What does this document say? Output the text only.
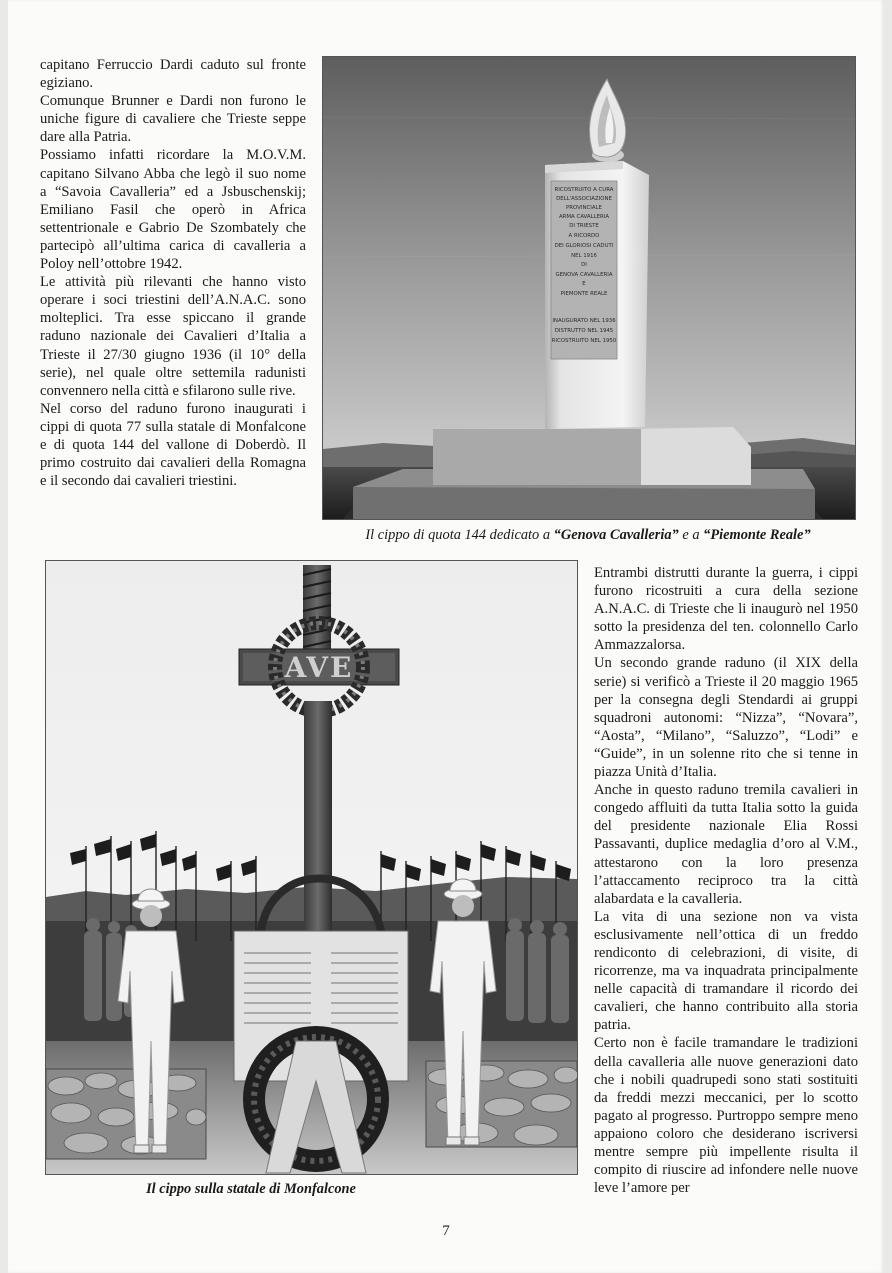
capitano Ferruccio Dardi caduto sul fronte egiziano.

Comunque Brunner e Dardi non furono le uniche figure di cavaliere che Trieste seppe dare alla Patria.

Possiamo infatti ricordare la M.O.V.M. capitano Silvano Abba che legò il suo nome a “Savoia Cavalleria” ed a Jsbuschenskij; Emiliano Fasil che operò in Africa settentrionale e Gabrio De Szombately che partecipò all’ultima carica di cavalleria a Poloy nell’ottobre 1942.

Le attività più rilevanti che hanno visto operare i soci triestini dell’A.N.A.C. sono molteplici. Tra esse spiccano il grande raduno nazionale dei Cavalieri d’Italia a Trieste il 27/30 giugno 1936 (il 10° della serie), nel quale oltre settemila radunisti convennero nella città e sfilarono sulle rive.

Nel corso del raduno furono inaugurati i cippi di quota 77 sulla statale di Monfalcone e di quota 144 del vallone di Doberdò. Il primo costruito dai cavalieri della Romagna e il secondo dai cavalieri triestini.

RICOSTRUITO A CURA
DELL'ASSOCIAZIONE
PROVINCIALE
ARMA CAVALLERIA
DI TRIESTE
A RICORDO
DEI GLORIOSI CADUTI
DI
GENOVA CAVALLERIA
E
PIEMONTE REALE
INAUGURATO NEL 1936
DISTRUTTO NEL 1945
RICOSTRUITO NEL 1950
Il cippo di quota 144 dedicato a “Genova Cavalleria” e a “Piemonte Reale”
AVE
Il cippo sulla statale di Monfalcone

Entrambi distrutti durante la guerra, i cippi furono ricostruiti a cura della sezione A.N.A.C. di Trieste che li inaugurò nel 1950 sotto la presidenza del ten. colonnello Carlo Ammazzalorsa.

Un secondo grande raduno (il XIX della serie) si verificò a Trieste il 20 maggio 1965 per la consegna degli Stendardi ai gruppi squadroni autonomi: “Nizza”, “Novara”, “Aosta”, “Milano”, “Saluzzo”, “Lodi” e “Guide”, in un solenne rito che si tenne in piazza Unità d’Italia.

Anche in questo raduno tremila cavalieri in congedo affluiti da tutta Italia sotto la guida del presidente nazionale Elia Rossi Passavanti, duplice medaglia d’oro al V.M., attestarono con la loro presenza l’attaccamento reciproco tra la città alabardata e la cavalleria.

La vita di una sezione non va vista esclusivamente nell’ottica di un freddo rendiconto di celebrazioni, di visite, di ricorrenze, ma va inquadrata principalmente nelle capacità di tramandare il ricordo dei cavalieri, che hanno contribuito alla storia patria.

Certo non è facile tramandare le tradizioni della cavalleria alle nuove generazioni dato che i nobili quadrupedi sono stati sostituiti da freddi mezzi meccanici, per lo scotto pagato al progresso. Purtroppo sempre meno appaiono coloro che desiderano iscriversi mentre sempre più impellente risulta il compito di riuscire ad infondere nelle nuove leve l’amore per

7
